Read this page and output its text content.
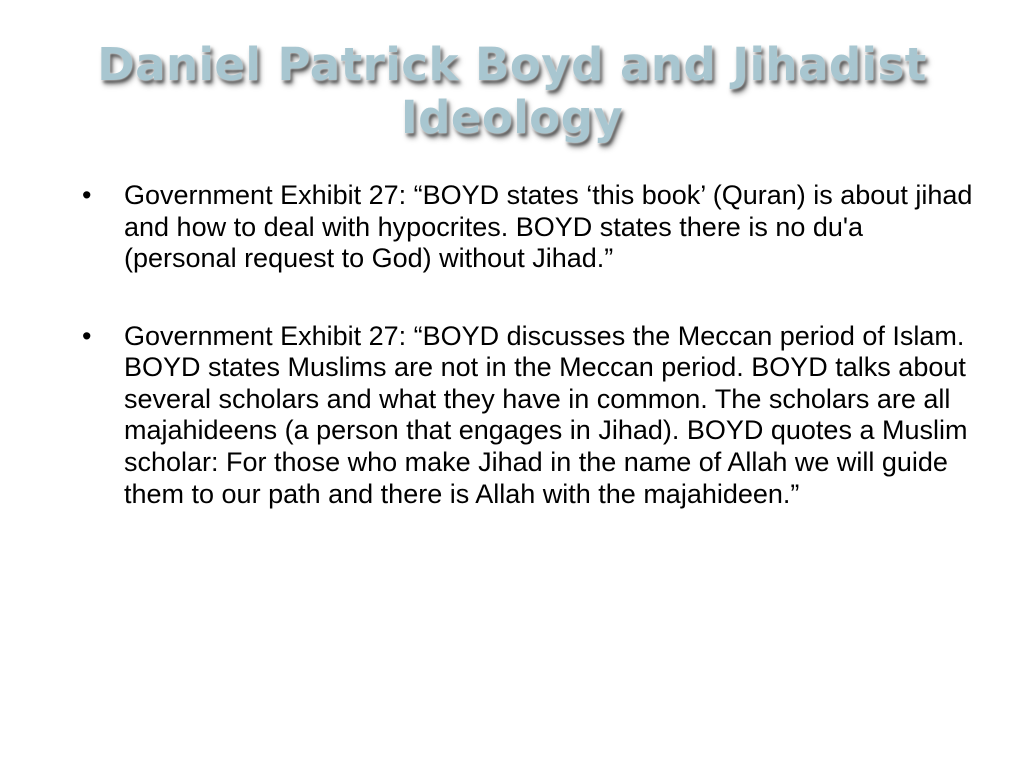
Daniel Patrick Boyd and Jihadist Ideology
• Government Exhibit 27: “BOYD states ‘this book’ (Quran) is about jihad and how to deal with hypocrites. BOYD states there is no du'a (personal request to God) without Jihad.”
• Government Exhibit 27: “BOYD discusses the Meccan period of Islam. BOYD states Muslims are not in the Meccan period. BOYD talks about several scholars and what they have in common. The scholars are all majahideens (a person that engages in Jihad). BOYD quotes a Muslim scholar: For those who make Jihad in the name of Allah we will guide them to our path and there is Allah with the majahideen.”
